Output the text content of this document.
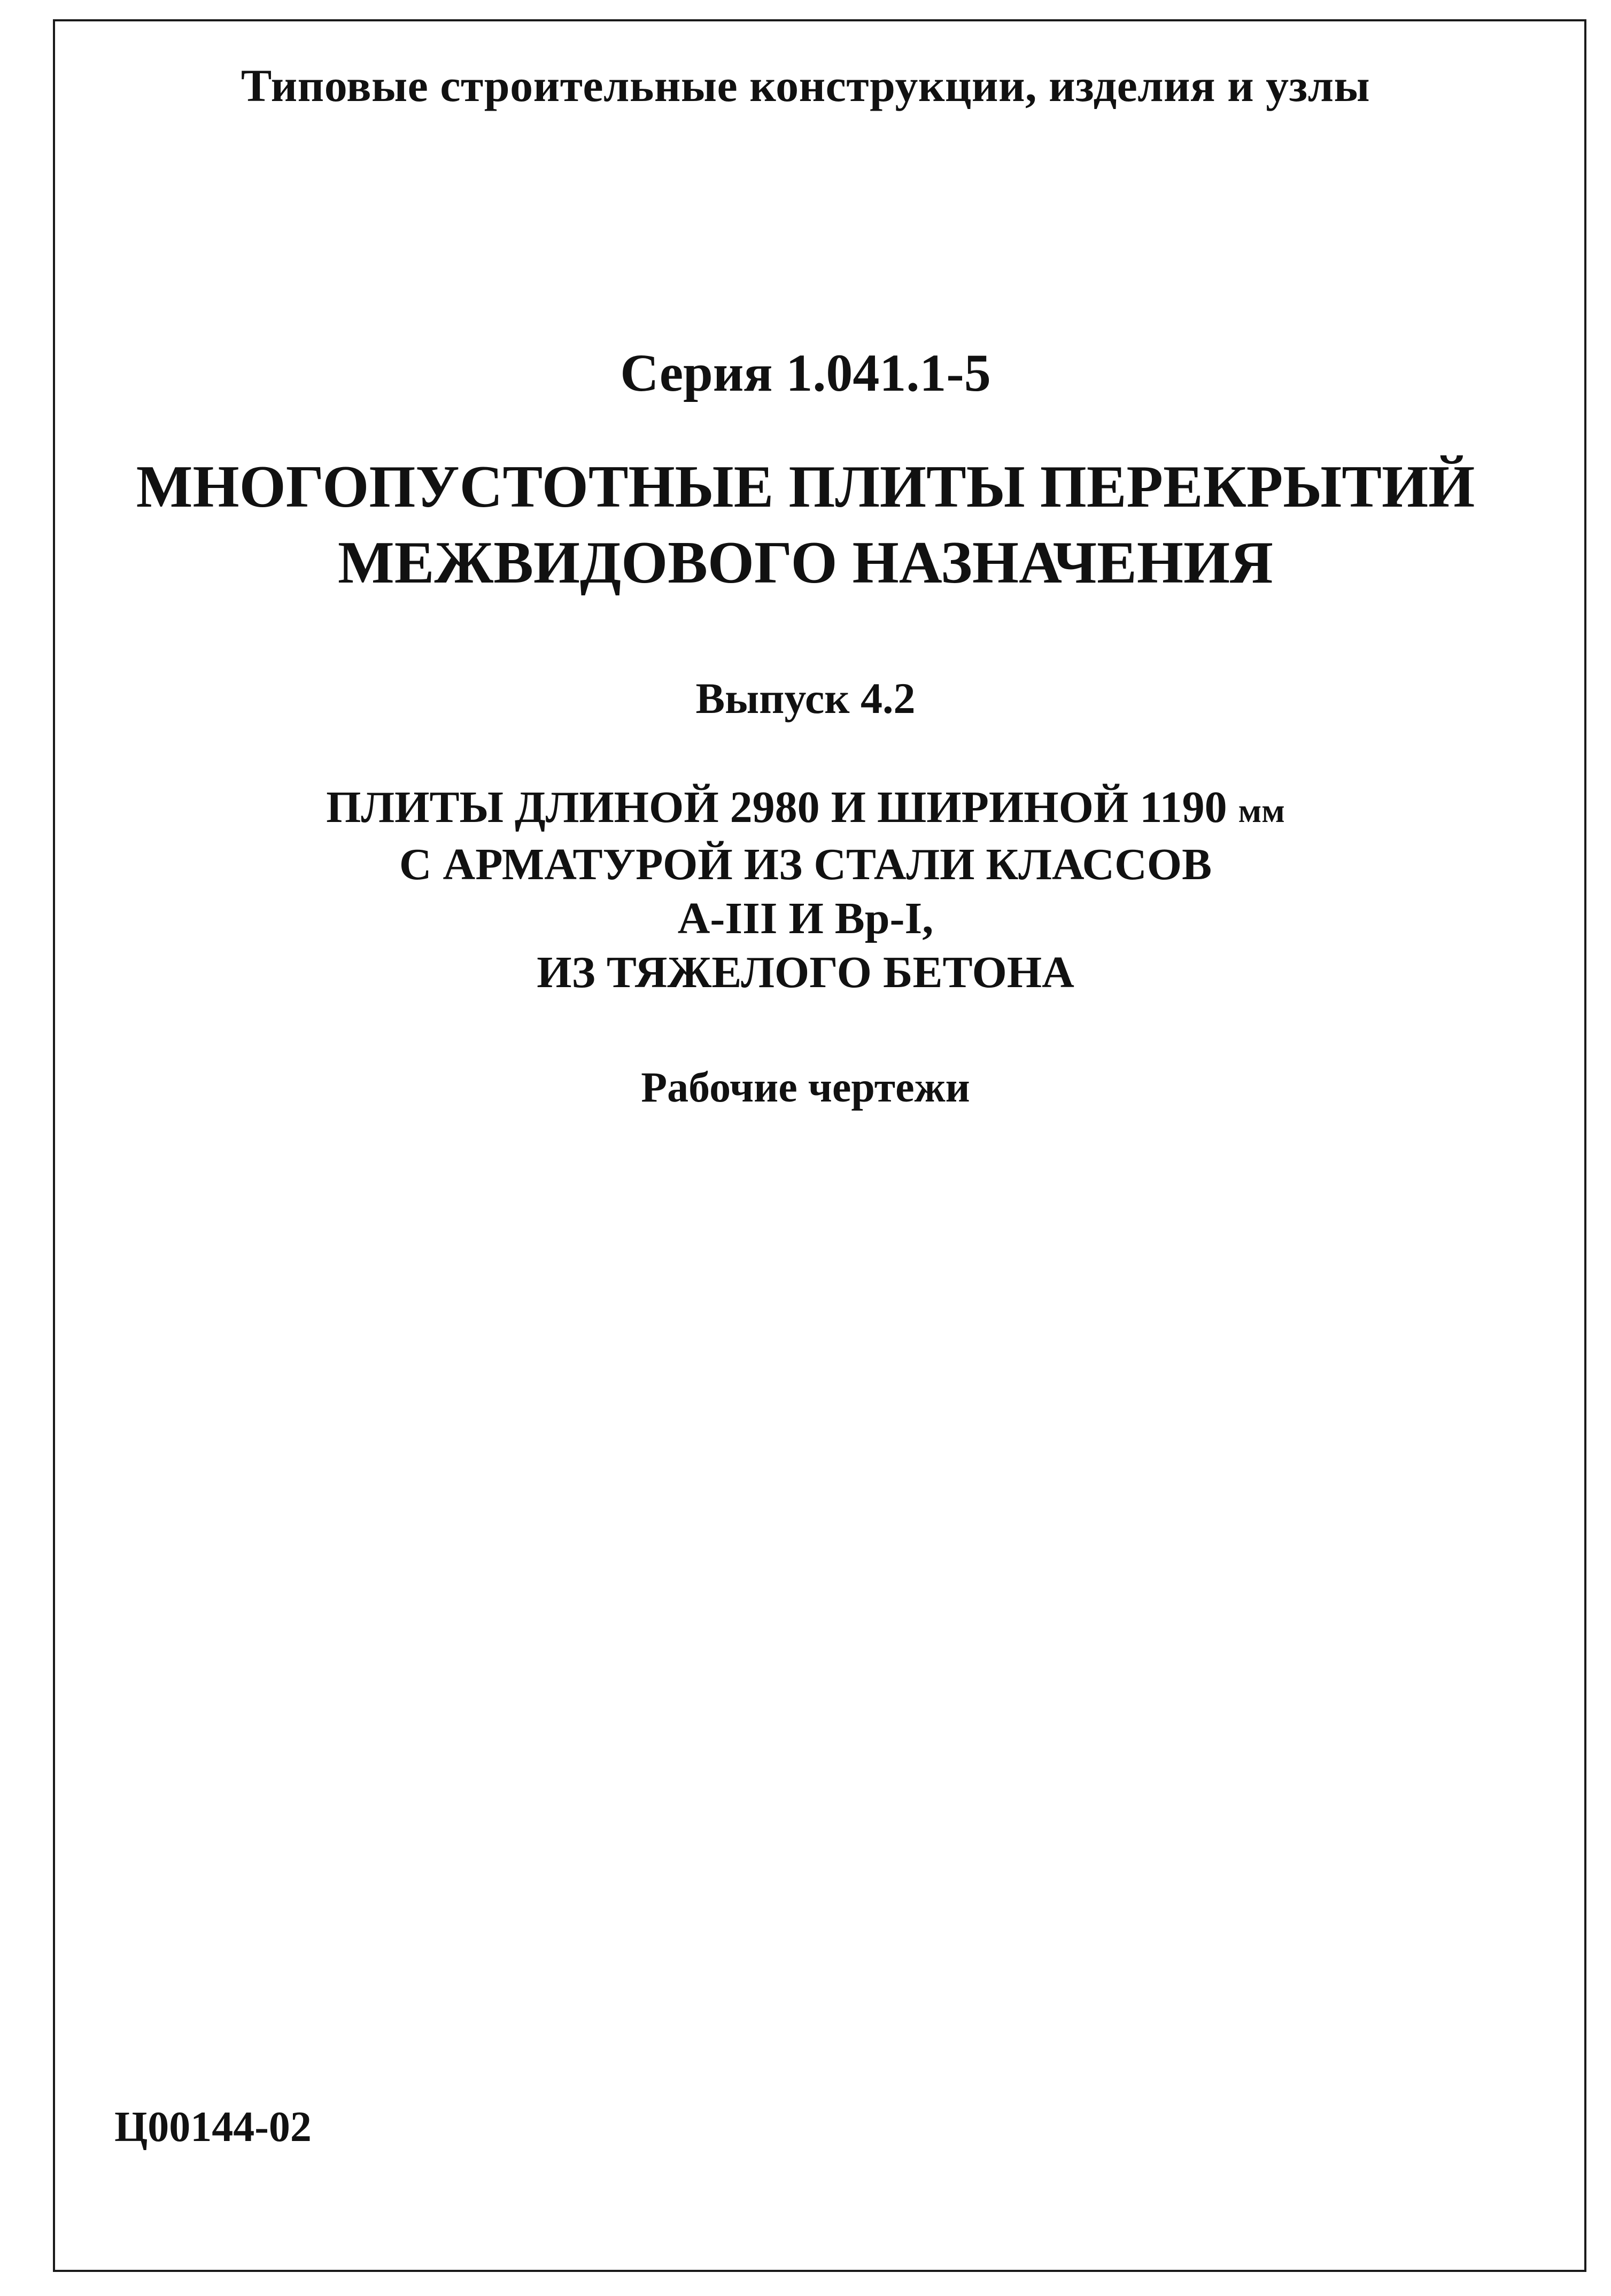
Типовые строительные конструкции, изделия и узлы
Серия 1.041.1-5
МНОГОПУСТОТНЫЕ ПЛИТЫ ПЕРЕКРЫТИЙ
МЕЖВИДОВОГО НАЗНАЧЕНИЯ
Выпуск 4.2
ПЛИТЫ ДЛИНОЙ 2980 И ШИРИНОЙ 1190 мм
С АРМАТУРОЙ ИЗ СТАЛИ КЛАССОВ
А-III И Вр-I,
ИЗ ТЯЖЕЛОГО БЕТОНА
Рабочие чертежи
Ц00144-02
